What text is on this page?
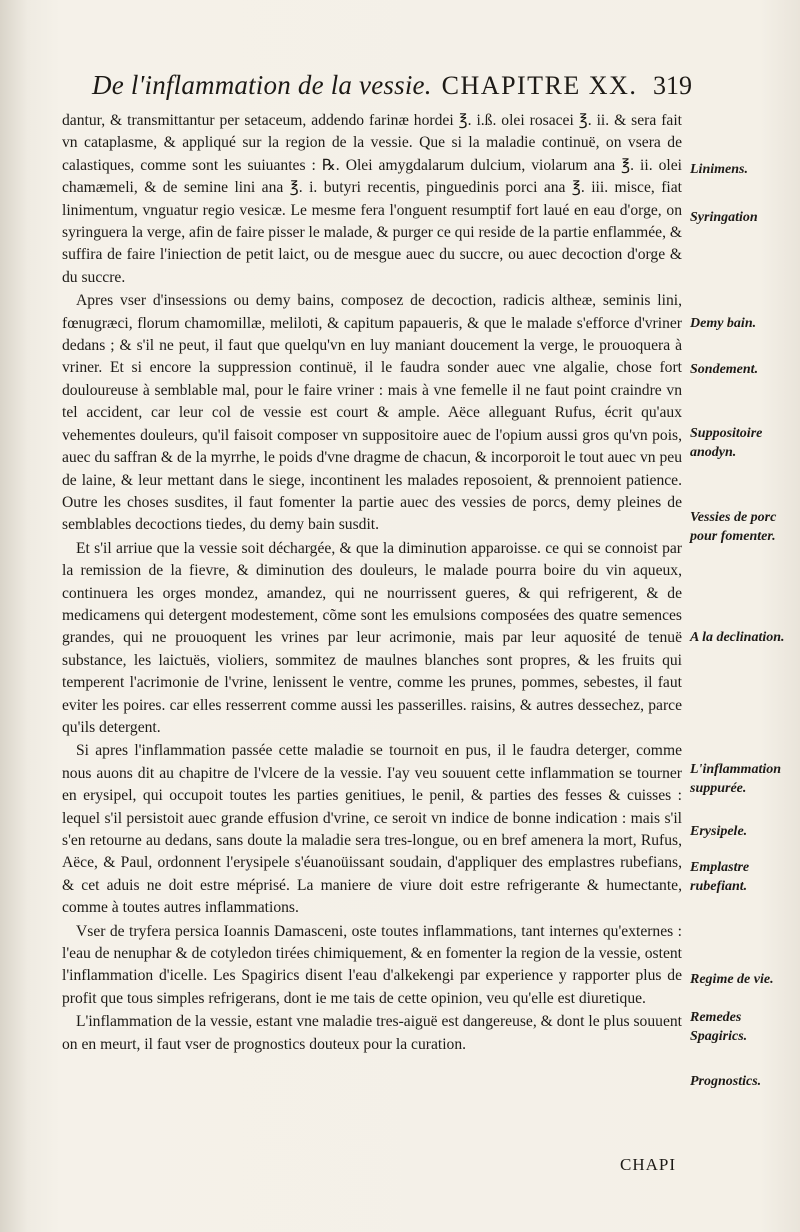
De l'inflammation de la vessie. CHAPITRE XX. 319

dantur, & transmittantur per setaceum, addendo farinæ hordei ℥. i.ß. olei rosacei ℥. ii. & sera fait vn cataplasme, & appliqué sur la region de la vessie. Que si la maladie continuë, on vsera de calastiques, comme sont les suiuantes : ℞. Olei amygdalarum dulcium, violarum ana ℥. ii. olei chamæmeli, & de semine lini ana ℥. i. butyri recentis, pinguedinis porci ana ℥. iii. misce, fiat linimentum, vnguatur regio vesicæ. Le mesme fera l'onguent resumptif fort laué en eau d'orge, on syringuera la verge, afin de faire pisser le malade, & purger ce qui reside de la partie enflammée, & suffira de faire l'iniection de petit laict, ou de mesgue auec du succre, ou auec decoction d'orge & du succre.

Apres vser d'insessions ou demy bains, composez de decoction, radicis altheæ, seminis lini, fœnugræci, florum chamomillæ, meliloti, & capitum papaueris, & que le malade s'efforce d'vriner dedans ; & s'il ne peut, il faut que quelqu'vn en luy maniant doucement la verge, le prouoquera à vriner. Et si encore la suppression continuë, il le faudra sonder auec vne algalie, chose fort douloureuse à semblable mal, pour le faire vriner : mais à vne femelle il ne faut point craindre vn tel accident, car leur col de vessie est court & ample. Aëce alleguant Rufus, écrit qu'aux vehementes douleurs, qu'il faisoit composer vn suppositoire auec de l'opium aussi gros qu'vn pois, auec du saffran & de la myrrhe, le poids d'vne dragme de chacun, & incorporoit le tout auec vn peu de laine, & leur mettant dans le siege, incontinent les malades reposoient, & prennoient patience. Outre les choses susdites, il faut fomenter la partie auec des vessies de porcs, demy pleines de semblables decoctions tiedes, du demy bain susdit.

Et s'il arriue que la vessie soit déchargée, & que la diminution apparoisse. ce qui se connoist par la remission de la fievre, & diminution des douleurs, le malade pourra boire du vin aqueux, continuera les orges mondez, amandez, qui ne nourrissent gueres, & qui refrigerent, & de medicamens qui detergent modestement, cõme sont les emulsions composées des quatre semences grandes, qui ne prouoquent les vrines par leur acrimonie, mais par leur aquosité de tenuë substance, les laictuës, violiers, sommitez de maulnes blanches sont propres, & les fruits qui temperent l'acrimonie de l'vrine, lenissent le ventre, comme les prunes, pommes, sebestes, il faut eviter les poires. car elles resserrent comme aussi les passerilles. raisins, & autres dessechez, parce qu'ils detergent.

Si apres l'inflammation passée cette maladie se tournoit en pus, il le faudra deterger, comme nous auons dit au chapitre de l'vlcere de la vessie. I'ay veu souuent cette inflammation se tourner en erysipel, qui occupoit toutes les parties genitiues, le penil, & parties des fesses & cuisses : lequel s'il persistoit auec grande effusion d'vrine, ce seroit vn indice de bonne indication : mais s'il s'en retourne au dedans, sans doute la maladie sera tres-longue, ou en bref amenera la mort, Rufus, Aëce, & Paul, ordonnent l'erysipele s'éuanoüissant soudain, d'appliquer des emplastres rubefians, & cet aduis ne doit estre méprisé. La maniere de viure doit estre refrigerante & humectante, comme à toutes autres inflammations.

Vser de tryfera persica Ioannis Damasceni, oste toutes inflammations, tant internes qu'externes : l'eau de nenuphar & de cotyledon tirées chimiquement, & en fomenter la region de la vessie, ostent l'inflammation d'icelle. Les Spagirics disent l'eau d'alkekengi par experience y rapporter plus de profit que tous simples refrigerans, dont ie me tais de cette opinion, veu qu'elle est diuretique.

L'inflammation de la vessie, estant vne maladie tres-aiguë est dangereuse, & dont le plus souuent on en meurt, il faut vser de prognostics douteux pour la curation.

Linimens.
Syringation
Demy bain.
Sondement.
Suppositoire anodyn.
Vessies de porc pour fomenter.
A la declination.
L'inflammation suppurée.
Erysipele.
Emplastre rubefiant.
Regime de vie.
Remedes Spagirics.
Prognostics.
CHAPI
